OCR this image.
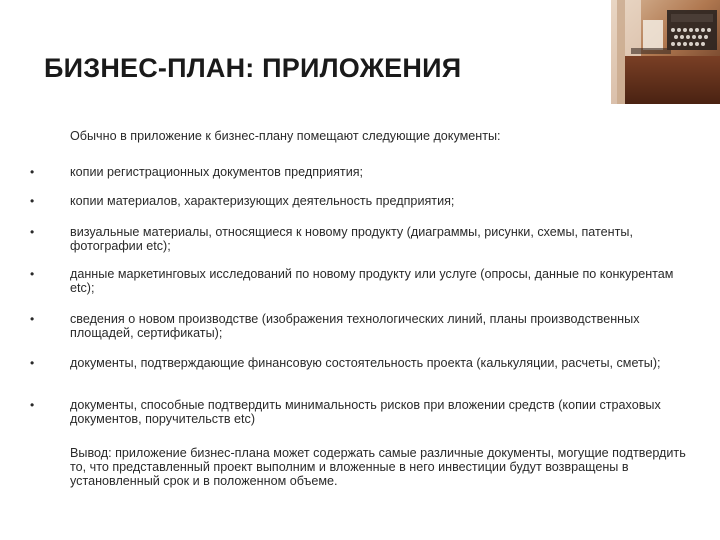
БИЗНЕС-ПЛАН: ПРИЛОЖЕНИЯ
Обычно в приложение к бизнес-плану помещают следующие документы:
•	копии регистрационных документов предприятия;
•	копии материалов, характеризующих деятельность предприятия;
•	визуальные материалы, относящиеся к новому продукту (диаграммы, рисунки, схемы, патенты, фотографии etc);
•	данные маркетинговых исследований по новому продукту или услуге (опросы, данные по конкурентам etc);
•	сведения о новом производстве (изображения технологических линий, планы производственных площадей, сертификаты);
•	документы, подтверждающие финансовую состоятельность проекта (калькуляции, расчеты, сметы);
•	документы, способные подтвердить минимальность рисков при вложении средств (копии страховых документов, поручительств etc)
Вывод: приложение бизнес-плана может содержать самые различные документы, могущие подтвердить то, что представленный проект выполним и вложенные в него инвестиции будут возвращены в установленный срок и в положенном объеме.
